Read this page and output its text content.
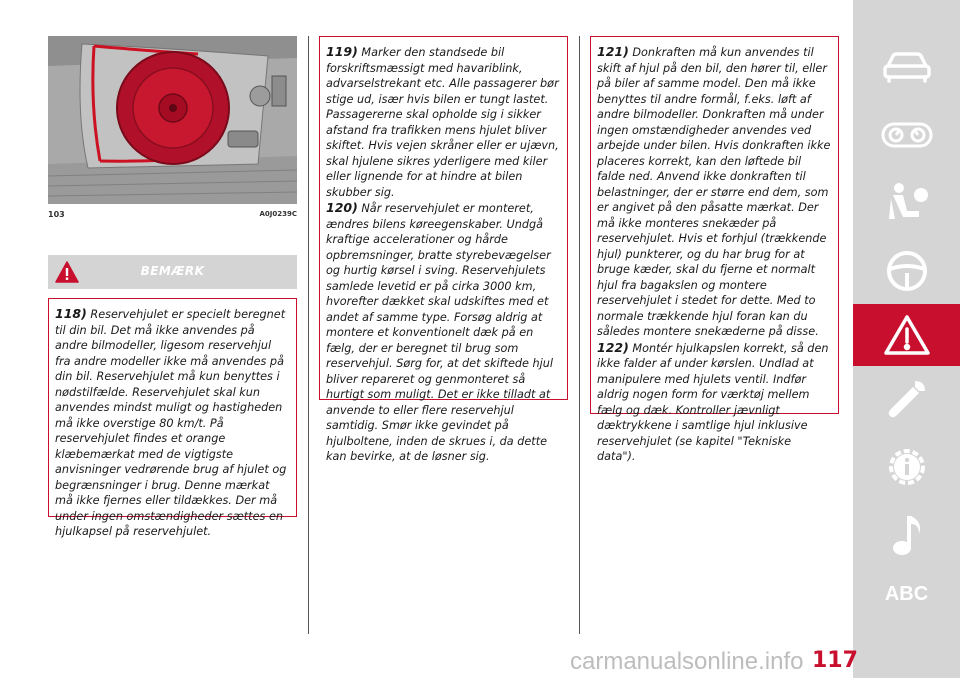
103	A0J0239C
BEMÆRK

118) Reservehjulet er specielt beregnet til din bil. Det må ikke anvendes på andre bilmodeller, ligesom reservehjul fra andre modeller ikke må anvendes på din bil. Reservehjulet må kun benyttes i nødstilfælde. Reservehjulet skal kun anvendes mindst muligt og hastigheden må ikke overstige 80 km/t. På reservehjulet findes et orange klæbemærkat med de vigtigste anvisninger vedrørende brug af hjulet og begrænsninger i brug. Denne mærkat må ikke fjernes eller tildækkes. Der må under ingen omstændigheder sættes en hjulkapsel på reservehjulet.

119) Marker den standsede bil forskriftsmæssigt med havariblink, advarselstrekant etc. Alle passagerer bør stige ud, især hvis bilen er tungt lastet. Passagererne skal opholde sig i sikker afstand fra trafikken mens hjulet bliver skiftet. Hvis vejen skråner eller er ujævn, skal hjulene sikres yderligere med kiler eller lignende for at hindre at bilen skubber sig.

120) Når reservehjulet er monteret, ændres bilens køreegenskaber. Undgå kraftige accelerationer og hårde opbremsninger, bratte styrebevægelser og hurtig kørsel i sving. Reservehjulets samlede levetid er på cirka 3000 km, hvorefter dækket skal udskiftes med et andet af samme type. Forsøg aldrig at montere et konventionelt dæk på en fælg, der er beregnet til brug som reservehjul. Sørg for, at det skiftede hjul bliver repareret og genmonteret så hurtigt som muligt. Det er ikke tilladt at anvende to eller flere reservehjul samtidig. Smør ikke gevindet på hjulboltene, inden de skrues i, da dette kan bevirke, at de løsner sig.

121) Donkraften må kun anvendes til skift af hjul på den bil, den hører til, eller på biler af samme model. Den må ikke benyttes til andre formål, f.eks. løft af andre bilmodeller. Donkraften må under ingen omstændigheder anvendes ved arbejde under bilen. Hvis donkraften ikke placeres korrekt, kan den løftede bil falde ned. Anvend ikke donkraften til belastninger, der er større end dem, som er angivet på den påsatte mærkat. Der må ikke monteres snekæder på reservehjulet. Hvis et forhjul (trækkende hjul) punkterer, og du har brug for at bruge kæder, skal du fjerne et normalt hjul fra bagakslen og montere reservehjulet i stedet for dette. Med to normale trækkende hjul foran kan du således montere snekæderne på disse.

122) Montér hjulkapslen korrekt, så den ikke falder af under kørslen. Undlad at manipulere med hjulets ventil. Indfør aldrig nogen form for værktøj mellem fælg og dæk. Kontroller jævnligt dæktrykkene i samtlige hjul inklusive reservehjulet (se kapitel "Tekniske data").

ABC
117
carmanualsonline.info
